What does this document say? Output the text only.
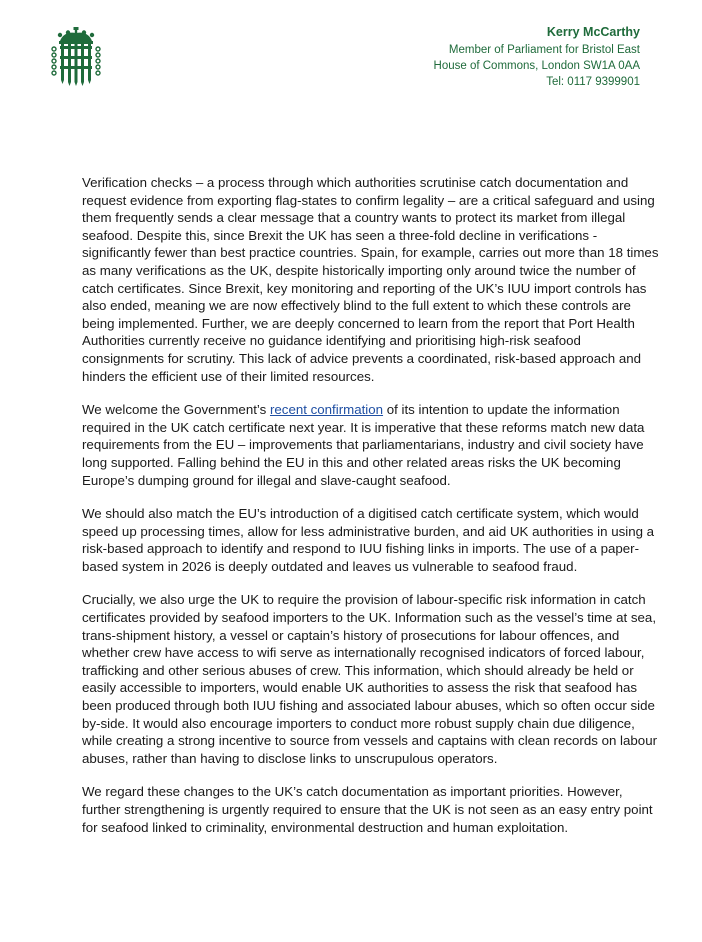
Kerry McCarthy
Member of Parliament for Bristol East
House of Commons, London SW1A 0AA
Tel: 0117 9399901

Verification checks – a process through which authorities scrutinise catch documentation and request evidence from exporting flag-states to confirm legality – are a critical safeguard and using them frequently sends a clear message that a country wants to protect its market from illegal seafood. Despite this, since Brexit the UK has seen a three-fold decline in verifications - significantly fewer than best practice countries. Spain, for example, carries out more than 18 times as many verifications as the UK, despite historically importing only around twice the number of catch certificates. Since Brexit, key monitoring and reporting of the UK’s IUU import controls has also ended, meaning we are now effectively blind to the full extent to which these controls are being implemented. Further, we are deeply concerned to learn from the report that Port Health Authorities currently receive no guidance identifying and prioritising high-risk seafood consignments for scrutiny. This lack of advice prevents a coordinated, risk-based approach and hinders the efficient use of their limited resources.

We welcome the Government’s recent confirmation of its intention to update the information required in the UK catch certificate next year. It is imperative that these reforms match new data requirements from the EU – improvements that parliamentarians, industry and civil society have long supported. Falling behind the EU in this and other related areas risks the UK becoming Europe’s dumping ground for illegal and slave-caught seafood.

We should also match the EU’s introduction of a digitised catch certificate system, which would speed up processing times, allow for less administrative burden, and aid UK authorities in using a risk-based approach to identify and respond to IUU fishing links in imports. The use of a paper-based system in 2026 is deeply outdated and leaves us vulnerable to seafood fraud.

Crucially, we also urge the UK to require the provision of labour-specific risk information in catch certificates provided by seafood importers to the UK. Information such as the vessel’s time at sea, trans-shipment history, a vessel or captain’s history of prosecutions for labour offences, and whether crew have access to wifi serve as internationally recognised indicators of forced labour, trafficking and other serious abuses of crew. This information, which should already be held or easily accessible to importers, would enable UK authorities to assess the risk that seafood has been produced through both IUU fishing and associated labour abuses, which so often occur side by-side. It would also encourage importers to conduct more robust supply chain due diligence, while creating a strong incentive to source from vessels and captains with clean records on labour abuses, rather than having to disclose links to unscrupulous operators.

We regard these changes to the UK’s catch documentation as important priorities. However, further strengthening is urgently required to ensure that the UK is not seen as an easy entry point for seafood linked to criminality, environmental destruction and human exploitation.
